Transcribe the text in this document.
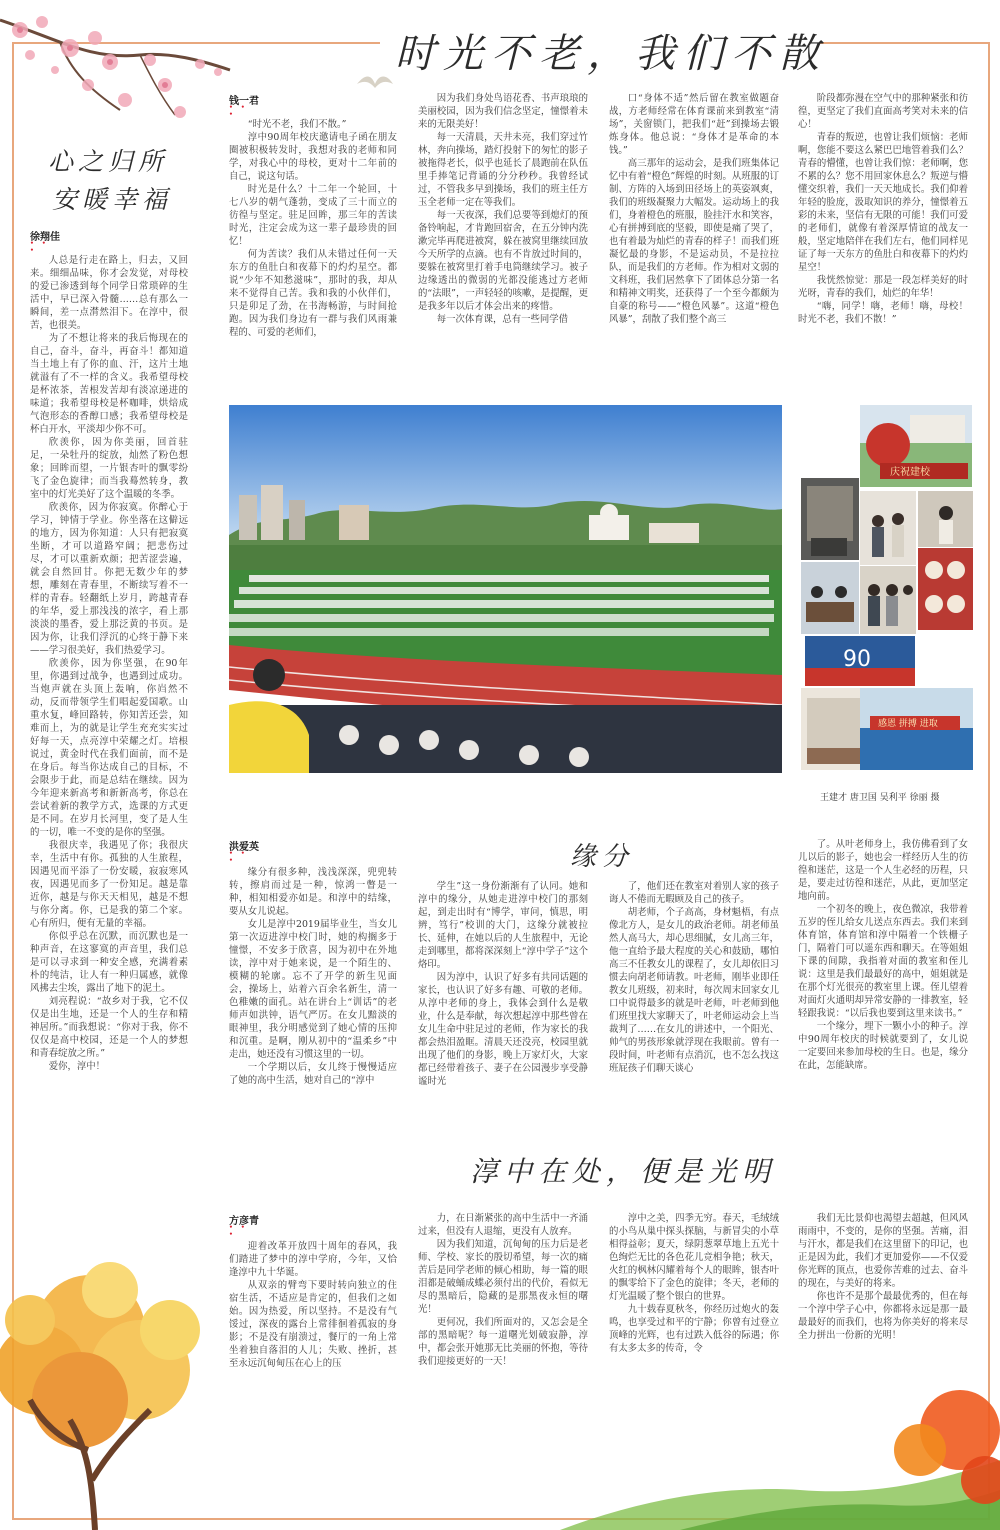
时光不老，我们不散
心之归所
安暖幸福
缘分
淳中在处，便是光明
钱一君 • • •
徐翔佳 • • •
洪爱英 • • •
方彦青 • • •

人总是行走在路上，归去，又回来。细细品味，你才会发觉，对母校的爱已渗透到每个同学日常琐碎的生活中，早已深入骨髓……总有那么一瞬间，差一点潸然泪下。在淳中，很苦，也很美。

为了不想让将来的我后悔现在的自己，奋斗，奋斗，再奋斗！都知道当土地上有了你的血、汗，这片土地就溢有了不一样的含义。我希望母校是杯浓茶，苦根发苦却有淡凉递进的味道；我希望母校是杯咖啡，烘焙成气泡形态的香醇口感；我希望母校是杯白开水，平淡却少你不可。

欣羡你，因为你美丽，回首驻足，一朵牡丹的绽放，灿然了粉色想象；回眸而望，一片银杏叶的飘零纷飞了金色旋律；而当我蓦然转身，教室中的灯光美好了这个温暖的冬季。

欣羡你，因为你寂寞。你醉心于学习，钟情于学业。你坐落在这僻远的地方，因为你知道：人只有把寂寞坐断，才可以道路窄阔；把悲伤过尽，才可以重新欢颜；把苦涩尝遍，就会自然回甘。你把无数少年的梦想，雕刻在青春里，不断续写着不一样的青春。轻翻纸上岁月，跨越青春的年华，爱上那浅浅的浓字，看上那淡淡的墨香，爱上那泛黄的书页。是因为你，让我们浮沉的心终于静下来——学习很美好，我们热爱学习。

欣羡你，因为你坚强，在90年里，你遇到过战争，也遇到过成功。当炮声就在头顶上轰响，你岿然不动，反而带领学生们唱起爱国歌。山重水复，峰回路转，你知苦还尝，知难而上，为的就是让学生充充实实过好每一天，点亮淳中荣耀之灯。培根说过，黄金时代在我们面前，而不是在身后。每当你达成自己的目标，不会限步于此，而是总结在继续。因为今年迎来新高考和新新高考，你总在尝试着新的教学方式，选课的方式更是不同。在岁月长河里，变了是人生的一切，唯一不变的是你的坚强。

我很庆幸，我遇见了你；我很庆幸，生活中有你。孤独的人生旅程，因遇见而平添了一份安暖，寂寂寒风夜，因遇见而多了一份知足。越是靠近你，越是与你天天相见，越是不想与你分离。你，已是我的第二个家。心有所归，便有无量的幸福。

你似乎总在沉默，而沉默也是一种声音，在这寥寞的声音里，我们总是可以寻求到一种安全感，充满着素朴的纯洁，让人有一种归属感，就像风拂去尘埃，露出了地下的泥土。

刘亮程说：“故乡对于我，它不仅仅是出生地，还是一个人的生存和精神居所。”而我想说：“你对于我，你不仅仅是高中校园，还是一个人的梦想和青春绽放之所。”

爱你，淳中！

“时光不老，我们不散。”

淳中90周年校庆邀请电子函在朋友圈被积极转发时，我想对我的老师和同学，对我心中的母校，更对十二年前的自己，说这句话。

时光是什么？十二年一个轮回，十七八岁的朝气蓬勃，变成了三十而立的彷徨与坚定。驻足回眸，那三年的苦读时光，注定会成为这一辈子最珍贵的回忆！

何为苦读？我们从未错过任何一天东方的鱼肚白和夜幕下的灼灼星空。都说“少年不知愁滋味”，那时的我，却从来不觉得自己苦。我和我的小伙伴们，只是卯足了劲，在书海畅游，与时间抢跑。因为我们身边有一群与我们风雨兼程的、可爱的老师们，

因为我们身处鸟语花香、书声琅琅的美丽校园，因为我们信念坚定，憧憬着未来的无限美好！

每一天清晨，天井未亮，我们穿过竹林，奔向操场，踏灯投射下的匆忙的影子被拖得老长，似乎也延长了晨跑前在队伍里手捧笔记背诵的分分秒秒。我曾经试过，不管我多早到操场，我们的班主任方玉全老师一定在等我们。

每一天夜深，我们总要等到熄灯的预备铃响起，才肯跑回宿舍，在五分钟内洗漱完毕再爬进被窝，躲在被窝里继续回放今天所学的点滴。也有不肯放过时间的，要躲在被窝里打着手电筒继续学习。被子边缘透出的微弱的光都没能逃过方老师的“法眼”，一声轻轻的咳嗽，是提醒，更是我多年以后才体会出来的疼惜。

每一次体育课，总有一些同学借

口“身体不适”然后留在教室做题奋战，方老师经常在体育课前来到教室“清场”，关窗锁门，把我们“赶”到操场去锻炼身体。他总说：“身体才是革命的本钱。”

高三那年的运动会，是我们班集体记忆中有着“橙色”辉煌的时刻。从班服的订制、方阵的入场到田径场上的英姿飒爽，我们的班级凝聚力大幅发。运动场上的我们，身着橙色的班服，脸挂汗水和笑容，心有拼搏到底的坚毅，即使是痛了哭了，也有着最为灿烂的青春的样子！而我们班凝忆最的身影，不是运动员，不是拉拉队，而是我们的方老师。作为相对文弱的文科班，我们居然拿下了团体总分第一名和精神文明奖，还获得了一个至今都颇为自豪的称号——“橙色风暴”。这道“橙色风暴”，刮散了我们整个高三

阶段都弥漫在空气中的那种紧张和彷徨，更坚定了我们直面高考笑对未来的信心！

青春的叛逆，也曾让我们烦恼：老师啊，您能不要这么紧巴巴地管着我们么？青春的懵懂，也曾让我们惊：老师啊，您不累的么？您不用回家休息么？叛逆与懵懂交织着，我们一天天地成长。我们仰着年轻的脸庞，汲取知识的养分，憧憬着五彩的未来，坚信有无限的可能！我们可爱的老师们，就像有着深厚情谊的战友一般，坚定地陪伴在我们左右，他们同样见证了每一天东方的鱼肚白和夜幕下的灼灼星空！

我恍然惊觉：那是一段怎样美好的时光呀，青春的我们，灿烂的年华！

“嗨，同学！嗨，老师！嗨，母校！时光不老，我们不散！”

庆祝建校
90
感恩 拼搏 进取
王建才 唐卫国 吴利平 徐丽 摄

缘分有很多种，浅浅深深，兜兜转转，擦肩而过是一种，惊鸿一瞥是一种，相知相爱亦如是。和淳中的结缘，要从女儿说起。

女儿是淳中2019届毕业生，当女儿第一次迈进淳中校门时，她的构搁多于憧憬，不安多于欣喜，因为初中在外地读，淳中对于她来说，是一个陌生的、模糊的轮廓。忘不了开学的新生见面会，操场上，站着六百余名新生，清一色稚嫩的面孔。站在讲台上“训话”的老师声如洪钟，语气严厉。在女儿黯淡的眼神里，我分明感觉到了她心情的压抑和沉重。是啊，刚从初中的“温柔乡”中走出，她还没有习惯这里的一切。

一个学期以后，女儿终于慢慢适应了她的高中生活，她对自己的“淳中

学生”这一身份渐渐有了认同。她和淳中的缘分，从她走进淳中校门的那刻起，到走出时有“博学，审问，慎思，明辨，笃行”校训的大门，这缘分就被拉长、延伸，在她以后的人生旅程中，无论走到哪里，都将深深刻上“淳中学子”这个烙印。

因为淳中，认识了好多有共同话题的家长，也认识了好多有趣、可敬的老师。从淳中老师的身上，我体会到什么是敬业，什么是奉献，每次想起淳中那些曾在女儿生命中驻足过的老师，作为家长的我都会热泪盈眶。清晨天还没亮，校园里就出现了他们的身影，晚上万家灯火，大家都已经带着孩子、妻子在公园漫步享受静谧时光

了，他们还在教室对着别人家的孩子诲人不倦而无暇顾及自己的孩子。

胡老师，个子高高，身材魁梧，有点像北方人，是女儿的政治老师。胡老师虽然人高马大，却心思细腻，女儿高三年，他一直给予最大程度的关心和鼓励，哪怕高三不任教女儿的课程了，女儿却依旧习惯去向胡老师请教。叶老师，刚毕业即任教女儿班级，初来时，每次周末回家女儿口中说得最多的就是叶老师，叶老师到他们班里找大家聊天了，叶老师运动会上当裁判了……在女儿的讲述中，一个阳光、帅气的男孩形象就浮现在我眼前。曾有一段时间，叶老师有点消沉，也不怎么找这班屁孩子们聊天谈心

了。从叶老师身上，我仿佛看到了女儿以后的影子，她也会一样经历人生的彷徨和迷茫，这是一个人生必经的历程，只是，要走过彷徨和迷茫，从此，更加坚定地向前。

一个初冬的晚上，夜色微凉，我带着五岁的侄儿给女儿送点东西去。我们来到体育馆，体育馆和淳中隔着一个铁栅子门，隔着门可以遥东西和聊天。在等姐姐下课的间隙，我指着对面的教室和侄儿说：这里是我们最最好的高中，姐姐就是在那个灯光很亮的教室里上课。侄儿望着对面灯火通明却异常安静的一排教室，轻轻跟我说：“以后我也要到这里来读书。”

一个缘分，埋下一颗小小的种子。淳中90周年校庆的时候就要到了，女儿说一定要回来参加母校的生日。也是，缘分在此，怎能缺席。

迎着改革开放四十周年的春风，我们踏进了梦中的淳中学府，今年，又恰逢淳中九十华诞。

从双亲的臂弯下要时转向独立的住宿生活，不适应是肯定的，但我们之如始。因为热爱，所以坚持。不是没有气馁过，深夜的露台上常徘徊着孤寂的身影；不是没有崩溃过，餐厅的一角上常坐着独自落泪的人儿；失败、挫折，甚至永远沉甸甸压在心上的压

力，在日渐紧张的高中生活中一齐涌过来，但没有人退缩，更没有人放弃。

因为我们知道，沉甸甸的压力后是老师、学校、家长的殷切希望，每一次的痛苦后是同学老师的倾心相助，每一篇的眼泪都是破蛹成蝶必须付出的代价，看似无尽的黑暗后，隐藏的是那黑夜永恒的曙光！

更何况，我们所面对的，又怎会是全部的黑暗呢？每一道曙光划破寂静，淳中，都会张开她那无比美丽的怀抱，等待我们迎接更好的一天！

淳中之美，四季无穷。春天，毛绒绒的小鸟从巢中探头探脑，与新冒尖的小草相得益彰；夏天，绿阴葱翠草地上五光十色绚烂无比的各色花儿竞相争艳；秋天，火红的枫林闪耀着每个人的眼眸，银杏叶的飘零给下了金色的旋律；冬天，老师的灯光温暖了整个银白的世界。

九十载春夏秋冬，你经历过炮火的轰鸣，也享受过和平的宁静；你曾有过登立顶峰的光辉，也有过跌入低谷的际遇；你有太多太多的传奇，令

我们无比景仰也渴望去超越，但风风雨雨中，不变的，是你的坚强。苦痛，泪与汗水，都是我们在这里留下的印记，也正是因为此，我们才更加爱你——不仅爱你光辉的顶点，也爱你苦难的过去、奋斗的现在，与美好的将来。

你也许不是那个最最优秀的，但在每一个淳中学子心中，你都将永远是那一最最最好的而我们，也将为你美好的将来尽全力拼出一份新的光明！
